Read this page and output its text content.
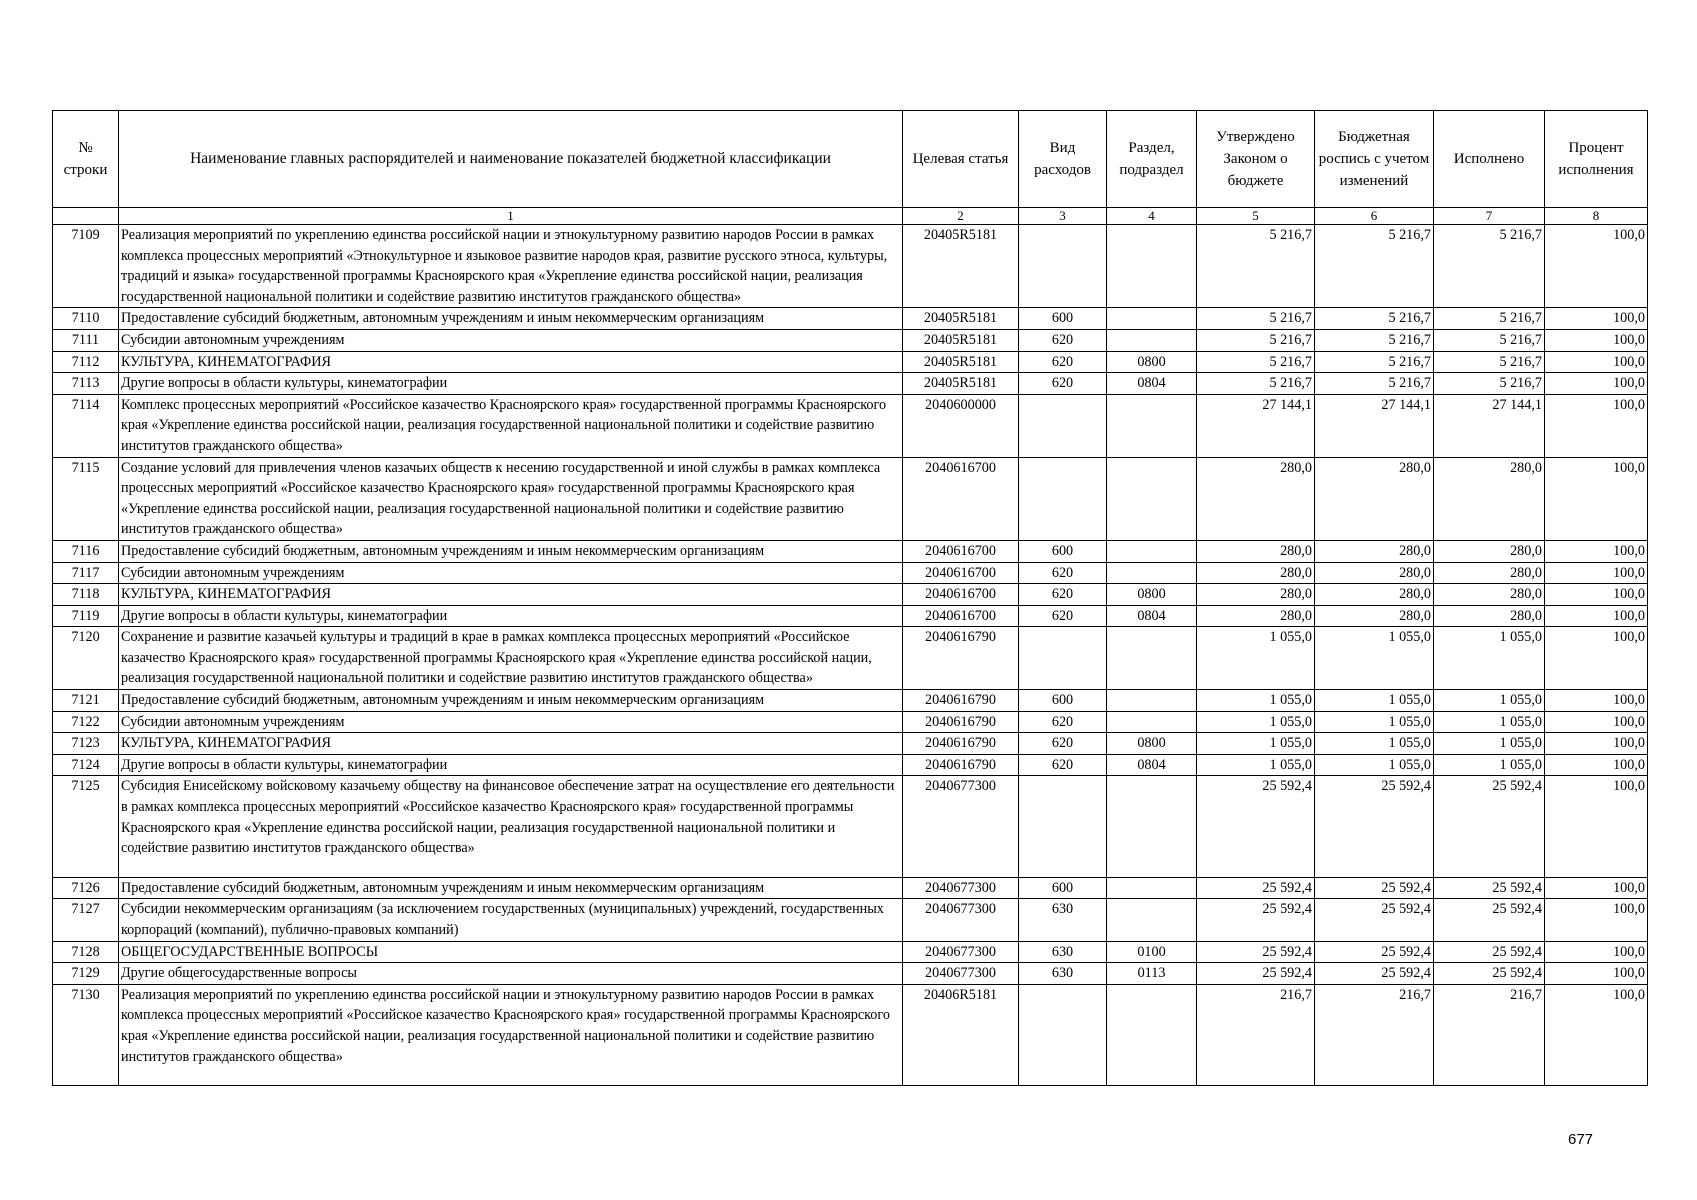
№ строки	Наименование главных распорядителей и наименование показателей бюджетной классификации	Целевая статья	Вид расходов	Раздел, подраздел	Утверждено Законом о бюджете	Бюджетная роспись с учетом изменений	Исполнено	Процент исполнения
	1	2	3	4	5	6	7	8
7109	Реализация мероприятий по укреплению единства российской нации и этнокультурному развитию народов России в рамках комплекса процессных мероприятий «Этнокультурное и языковое развитие народов края, развитие русского этноса, культуры, традиций и языка» государственной программы Красноярского края «Укрепление единства российской нации, реализация государственной национальной политики и содействие развитию институтов гражданского общества»	20405R5181			5 216,7	5 216,7	5 216,7	100,0
7110	Предоставление субсидий бюджетным, автономным учреждениям и иным некоммерческим организациям	20405R5181	600		5 216,7	5 216,7	5 216,7	100,0
7111	Субсидии автономным учреждениям	20405R5181	620		5 216,7	5 216,7	5 216,7	100,0
7112	КУЛЬТУРА, КИНЕМАТОГРАФИЯ	20405R5181	620	0800	5 216,7	5 216,7	5 216,7	100,0
7113	Другие вопросы в области культуры, кинематографии	20405R5181	620	0804	5 216,7	5 216,7	5 216,7	100,0
7114	Комплекс процессных мероприятий «Российское казачество Красноярского края» государственной программы Красноярского края «Укрепление единства российской нации, реализация государственной национальной политики и содействие развитию институтов гражданского общества»	2040600000			27 144,1	27 144,1	27 144,1	100,0
7115	Создание условий для привлечения членов казачьих обществ к несению государственной и иной службы в рамках комплекса процессных мероприятий «Российское казачество Красноярского края» государственной программы Красноярского края «Укрепление единства российской нации, реализация государственной национальной политики и содействие развитию институтов гражданского общества»	2040616700			280,0	280,0	280,0	100,0
7116	Предоставление субсидий бюджетным, автономным учреждениям и иным некоммерческим организациям	2040616700	600		280,0	280,0	280,0	100,0
7117	Субсидии автономным учреждениям	2040616700	620		280,0	280,0	280,0	100,0
7118	КУЛЬТУРА, КИНЕМАТОГРАФИЯ	2040616700	620	0800	280,0	280,0	280,0	100,0
7119	Другие вопросы в области культуры, кинематографии	2040616700	620	0804	280,0	280,0	280,0	100,0
7120	Сохранение и развитие казачьей культуры и традиций в крае в рамках комплекса процессных мероприятий «Российское казачество Красноярского края» государственной программы Красноярского края «Укрепление единства российской нации, реализация государственной национальной политики и содействие развитию институтов гражданского общества»	2040616790			1 055,0	1 055,0	1 055,0	100,0
7121	Предоставление субсидий бюджетным, автономным учреждениям и иным некоммерческим организациям	2040616790	600		1 055,0	1 055,0	1 055,0	100,0
7122	Субсидии автономным учреждениям	2040616790	620		1 055,0	1 055,0	1 055,0	100,0
7123	КУЛЬТУРА, КИНЕМАТОГРАФИЯ	2040616790	620	0800	1 055,0	1 055,0	1 055,0	100,0
7124	Другие вопросы в области культуры, кинематографии	2040616790	620	0804	1 055,0	1 055,0	1 055,0	100,0
7125	Субсидия Енисейскому войсковому казачьему обществу на финансовое обеспечение затрат на осуществление его деятельности в рамках комплекса процессных мероприятий «Российское казачество Красноярского края» государственной программы Красноярского края «Укрепление единства российской нации, реализация государственной национальной политики и содействие развитию институтов гражданского общества»	2040677300			25 592,4	25 592,4	25 592,4	100,0
7126	Предоставление субсидий бюджетным, автономным учреждениям и иным некоммерческим организациям	2040677300	600		25 592,4	25 592,4	25 592,4	100,0
7127	Субсидии некоммерческим организациям (за исключением государственных (муниципальных) учреждений, государственных корпораций (компаний), публично-правовых компаний)	2040677300	630		25 592,4	25 592,4	25 592,4	100,0
7128	ОБЩЕГОСУДАРСТВЕННЫЕ ВОПРОСЫ	2040677300	630	0100	25 592,4	25 592,4	25 592,4	100,0
7129	Другие общегосударственные вопросы	2040677300	630	0113	25 592,4	25 592,4	25 592,4	100,0
7130	Реализация мероприятий по укреплению единства российской нации и этнокультурному развитию народов России в рамках комплекса процессных мероприятий «Российское казачество Красноярского края» государственной программы Красноярского края «Укрепление единства российской нации, реализация государственной национальной политики и содействие развитию институтов гражданского общества»	20406R5181			216,7	216,7	216,7	100,0
677
